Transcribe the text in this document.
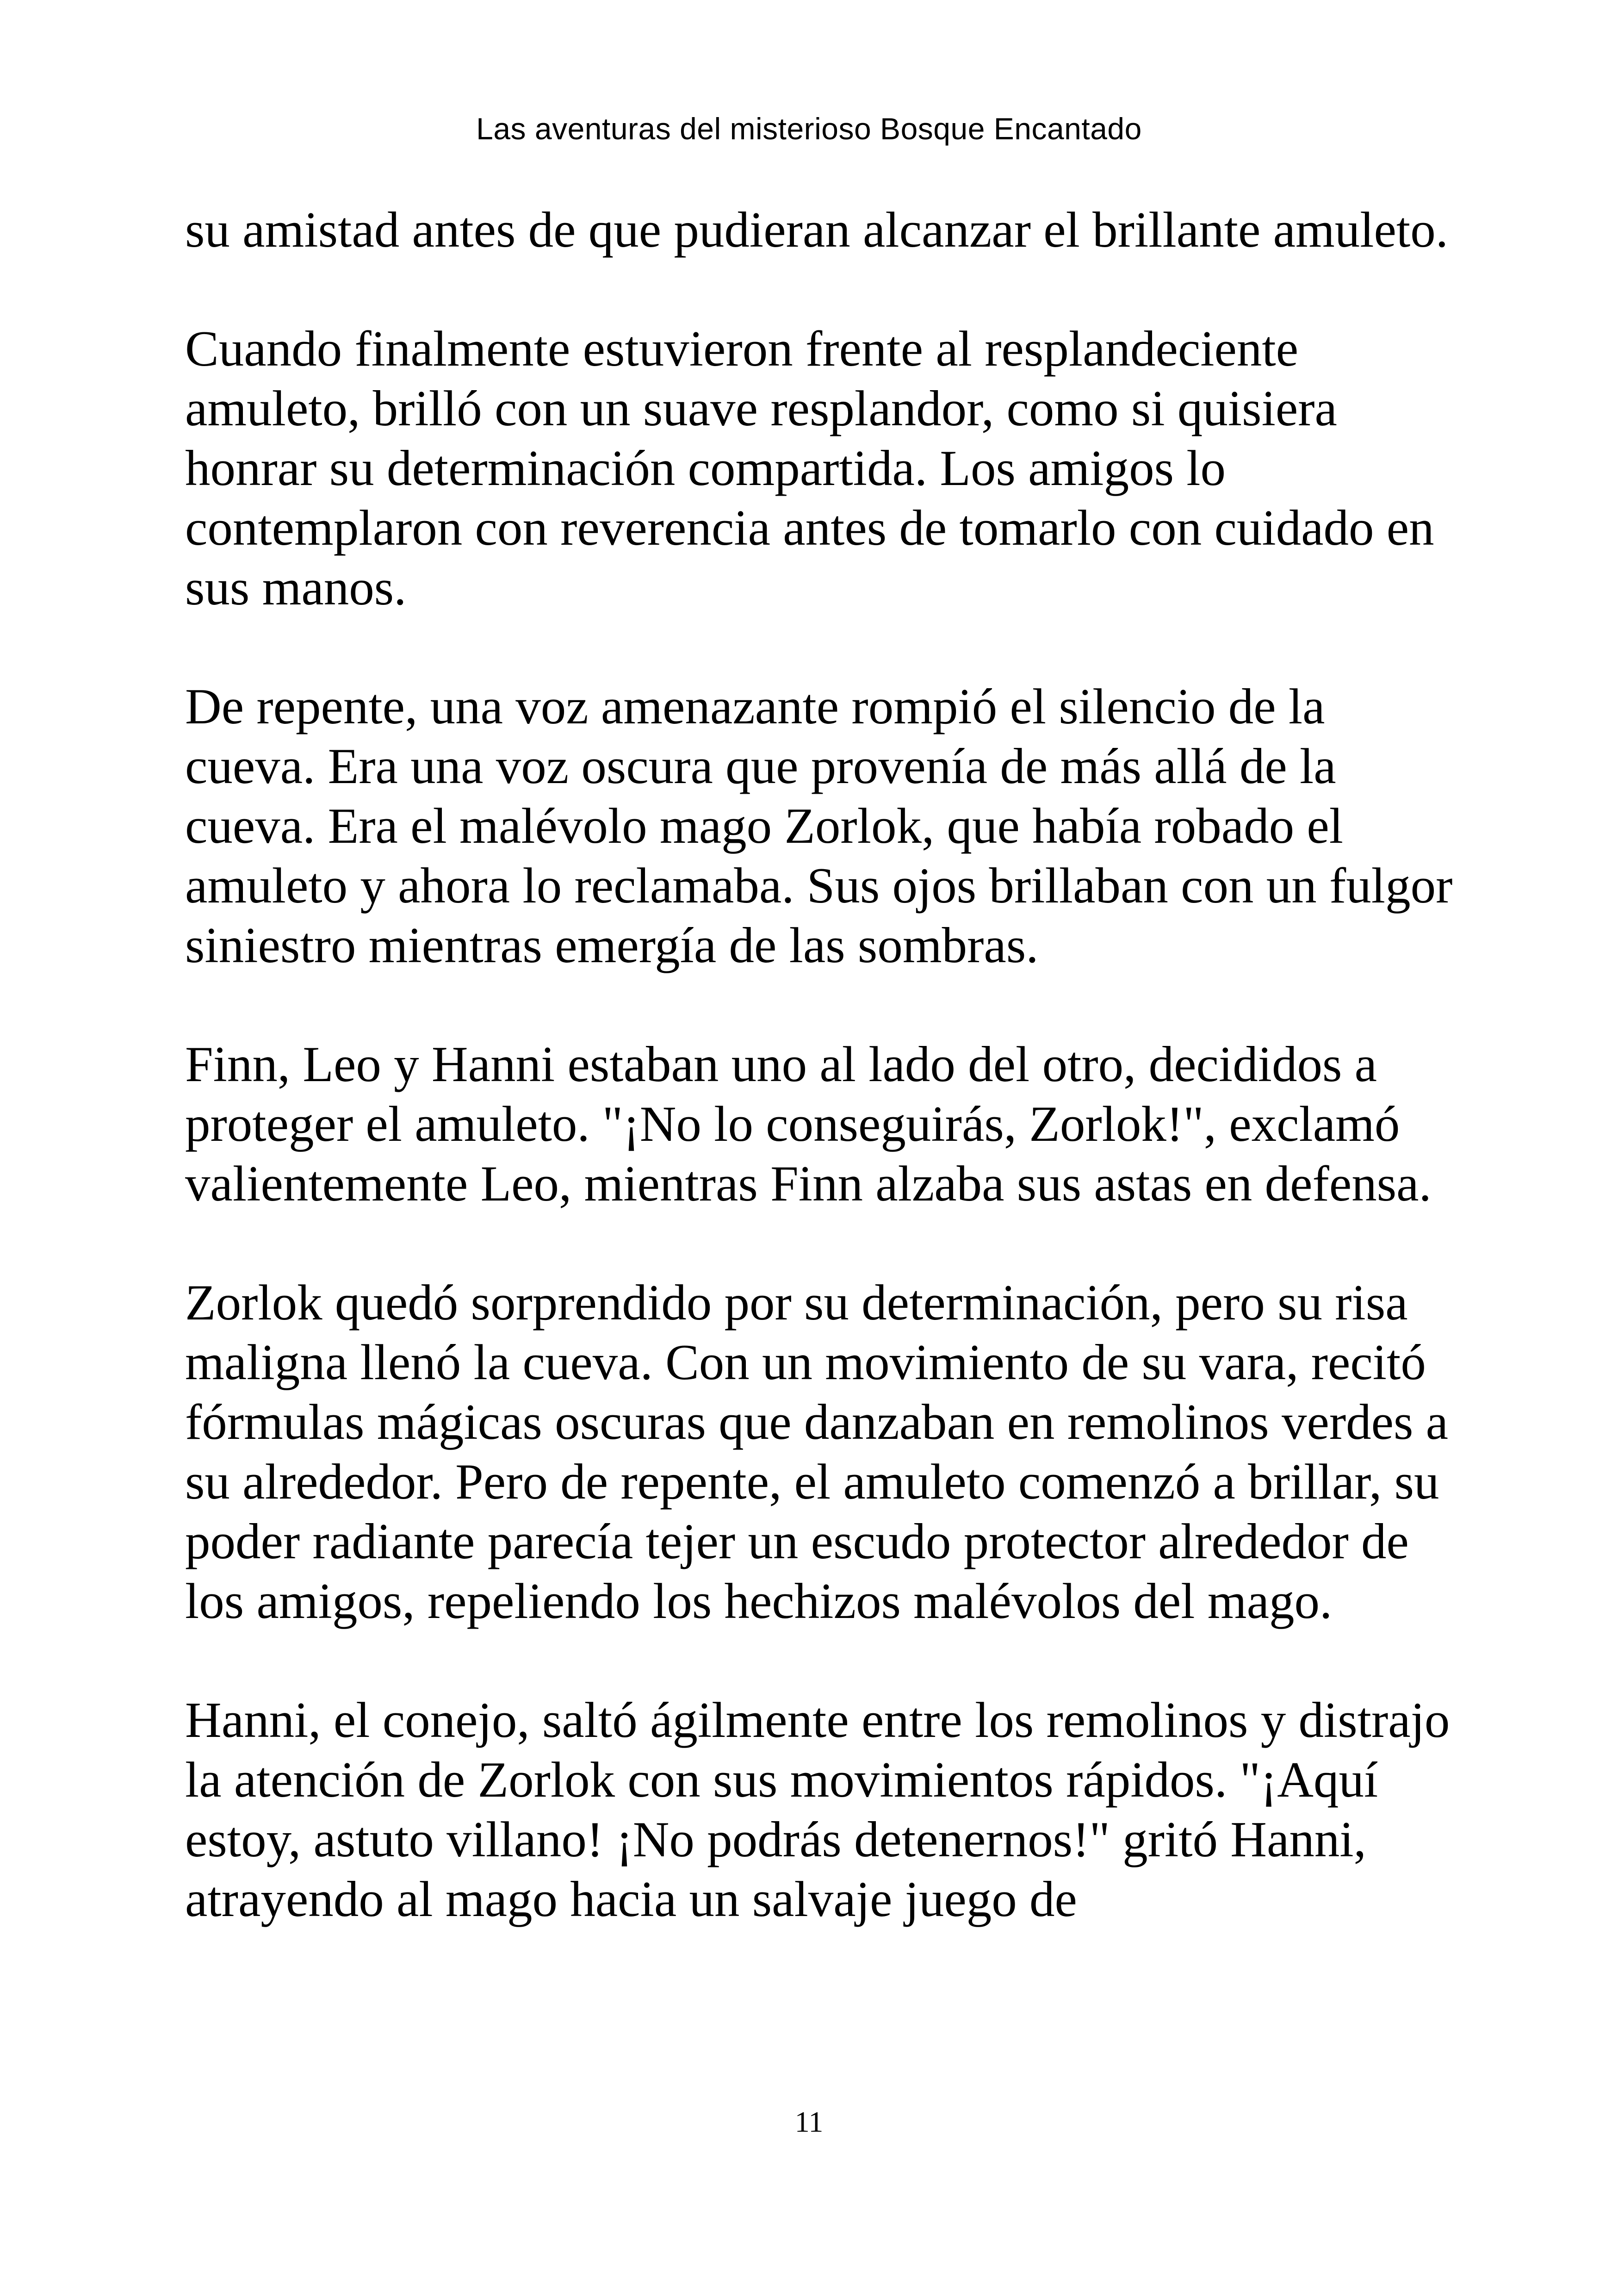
Las aventuras del misterioso Bosque Encantado

su amistad antes de que pudieran alcanzar el brillante amuleto.

Cuando finalmente estuvieron frente al resplandeciente amuleto, brilló con un suave resplandor, como si quisiera honrar su determinación compartida. Los amigos lo contemplaron con reverencia antes de tomarlo con cuidado en sus manos.

De repente, una voz amenazante rompió el silencio de la cueva. Era una voz oscura que provenía de más allá de la cueva. Era el malévolo mago Zorlok, que había robado el amuleto y ahora lo reclamaba. Sus ojos brillaban con un fulgor siniestro mientras emergía de las sombras.

Finn, Leo y Hanni estaban uno al lado del otro, decididos a proteger el amuleto. "¡No lo conseguirás, Zorlok!", exclamó valientemente Leo, mientras Finn alzaba sus astas en defensa.

Zorlok quedó sorprendido por su determinación, pero su risa maligna llenó la cueva. Con un movimiento de su vara, recitó fórmulas mágicas oscuras que danzaban en remolinos verdes a su alrededor. Pero de repente, el amuleto comenzó a brillar, su poder radiante parecía tejer un escudo protector alrededor de los amigos, repeliendo los hechizos malévolos del mago.

Hanni, el conejo, saltó ágilmente entre los remolinos y distrajo la atención de Zorlok con sus movimientos rápidos. "¡Aquí estoy, astuto villano! ¡No podrás detenernos!" gritó Hanni, atrayendo al mago hacia un salvaje juego de

11
